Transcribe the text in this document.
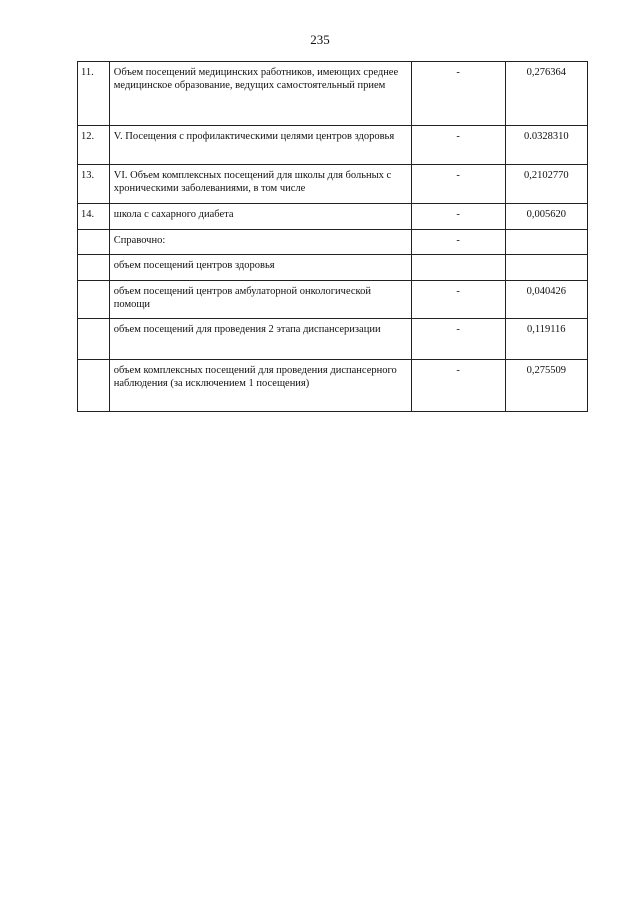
235
11.	Объем посещений медицинских работников, имеющих среднее медицинское образование, ведущих самостоятельный прием	-	0,276364
12.	V. Посещения с профилактическими целями центров здоровья	-	0.0328310
13.	VI. Объем комплексных посещений для школы для больных с хроническими заболеваниями, в том числе	-	0,2102770
14.	школа с сахарного диабета	-	0,005620
	Справочно:	-	
	объем посещений центров здоровья		
	объем посещений центров амбулаторной онкологической помощи	-	0,040426
	объем посещений для проведения 2 этапа диспансеризации	-	0,119116
	объем комплексных посещений для проведения диспансерного наблюдения (за исключением 1 посещения)	-	0,275509
